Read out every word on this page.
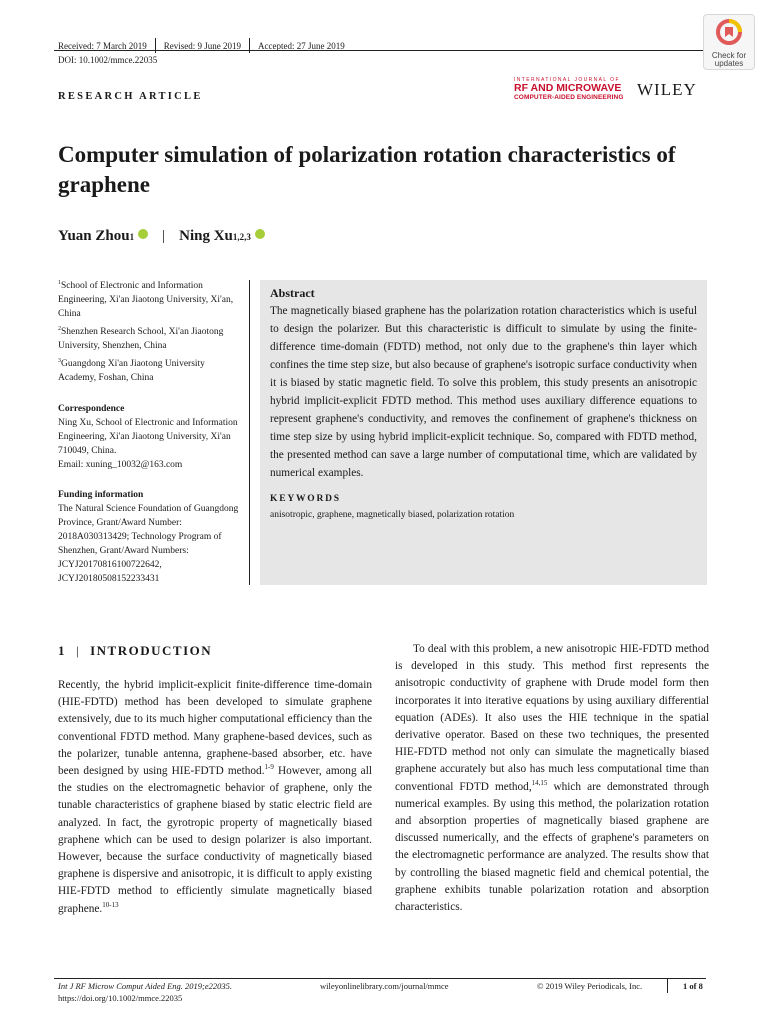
Received: 7 March 2019 Revised: 9 June 2019 Accepted: 27 June 2019
DOI: 10.1002/mmce.22035	Check for
updates
RESEARCH ARTICLE
INTERNATIONAL JOURNAL OF
RF AND MICROWAVE
COMPUTER-AIDED ENGINEERING WILEY
Computer simulation of polarization rotation characteristics of graphene
Yuan Zhou 1 | Ning Xu 1,2,3
$^1$School of Electronic and Information Engineering, Xi'an Jiaotong University, Xi'an, China
$^2$Shenzhen Research School, Xi'an Jiaotong University, Shenzhen, China
$^3$Guangdong Xi'an Jiaotong University Academy, Foshan, China
Correspondence
Ning Xu, School of Electronic and Information Engineering, Xi'an Jiaotong University, Xi'an 710049, China.
Email: xuning_10032@163.com
Funding information
The Natural Science Foundation of Guangdong Province, Grant/Award Number: 2018A030313429; Technology Program of Shenzhen, Grant/Award Numbers: JCYJ20170816100722642, JCYJ20180508152233431
Abstract
The magnetically biased graphene has the polarization rotation characteristics which is useful to design the polarizer. But this characteristic is difficult to simulate by using the finite-difference time-domain (FDTD) method, not only due to the graphene's thin layer which confines the time step size, but also because of graphene's isotropic surface conductivity when it is biased by static magnetic field. To solve this problem, this study presents an anisotropic hybrid implicit-explicit FDTD method. This method uses auxiliary difference equations to represent graphene's conductivity, and removes the confinement of graphene's thickness on time step size by using hybrid implicit-explicit technique. So, compared with FDTD method, the presented method can save a large number of computational time, which are validated by numerical examples.
KEYWORDS
anisotropic, graphene, magnetically biased, polarization rotation
1 | INTRODUCTION
Recently, the hybrid implicit-explicit finite-difference time-domain (HIE-FDTD) method has been developed to simulate graphene extensively, due to its much higher computational efficiency than the conventional FDTD method. Many graphene-based devices, such as the polarizer, tunable antenna, graphene-based absorber, etc. have been designed by using HIE-FDTD method.$^{1-9}$ However, among all the studies on the electromagnetic behavior of graphene, only the tunable characteristics of graphene biased by static electric field are analyzed. In fact, the gyrotropic property of magnetically biased graphene which can be used to design polarizer is also important. However, because the surface conductivity of magnetically biased graphene is dispersive and anisotropic, it is difficult to apply existing HIE-FDTD method to efficiently simulate magnetically biased graphene.$^{10-13}$
To deal with this problem, a new anisotropic HIE-FDTD method is developed in this study. This method first represents the anisotropic conductivity of graphene with Drude model form then incorporates it into iterative equations by using auxiliary differential equation (ADEs). It also uses the HIE technique in the spatial derivative operator. Based on these two techniques, the presented HIE-FDTD method not only can simulate the magnetically biased graphene accurately but also has much less computational time than conventional FDTD method,$^{14,15}$ which are demonstrated through numerical examples. By using this method, the polarization rotation and absorption properties of magnetically biased graphene are discussed numerically, and the effects of graphene's parameters on the electromagnetic performance are analyzed. The results show that by controlling the biased magnetic field and chemical potential, the graphene exhibits tunable polarization rotation and absorption characteristics.
Int J RF Microw Comput Aided Eng. 2019;e22035.
https://doi.org/10.1002/mmce.22035
wileyonlinelibrary.com/journal/mmce	© 2019 Wiley Periodicals, Inc.	1 of 8
